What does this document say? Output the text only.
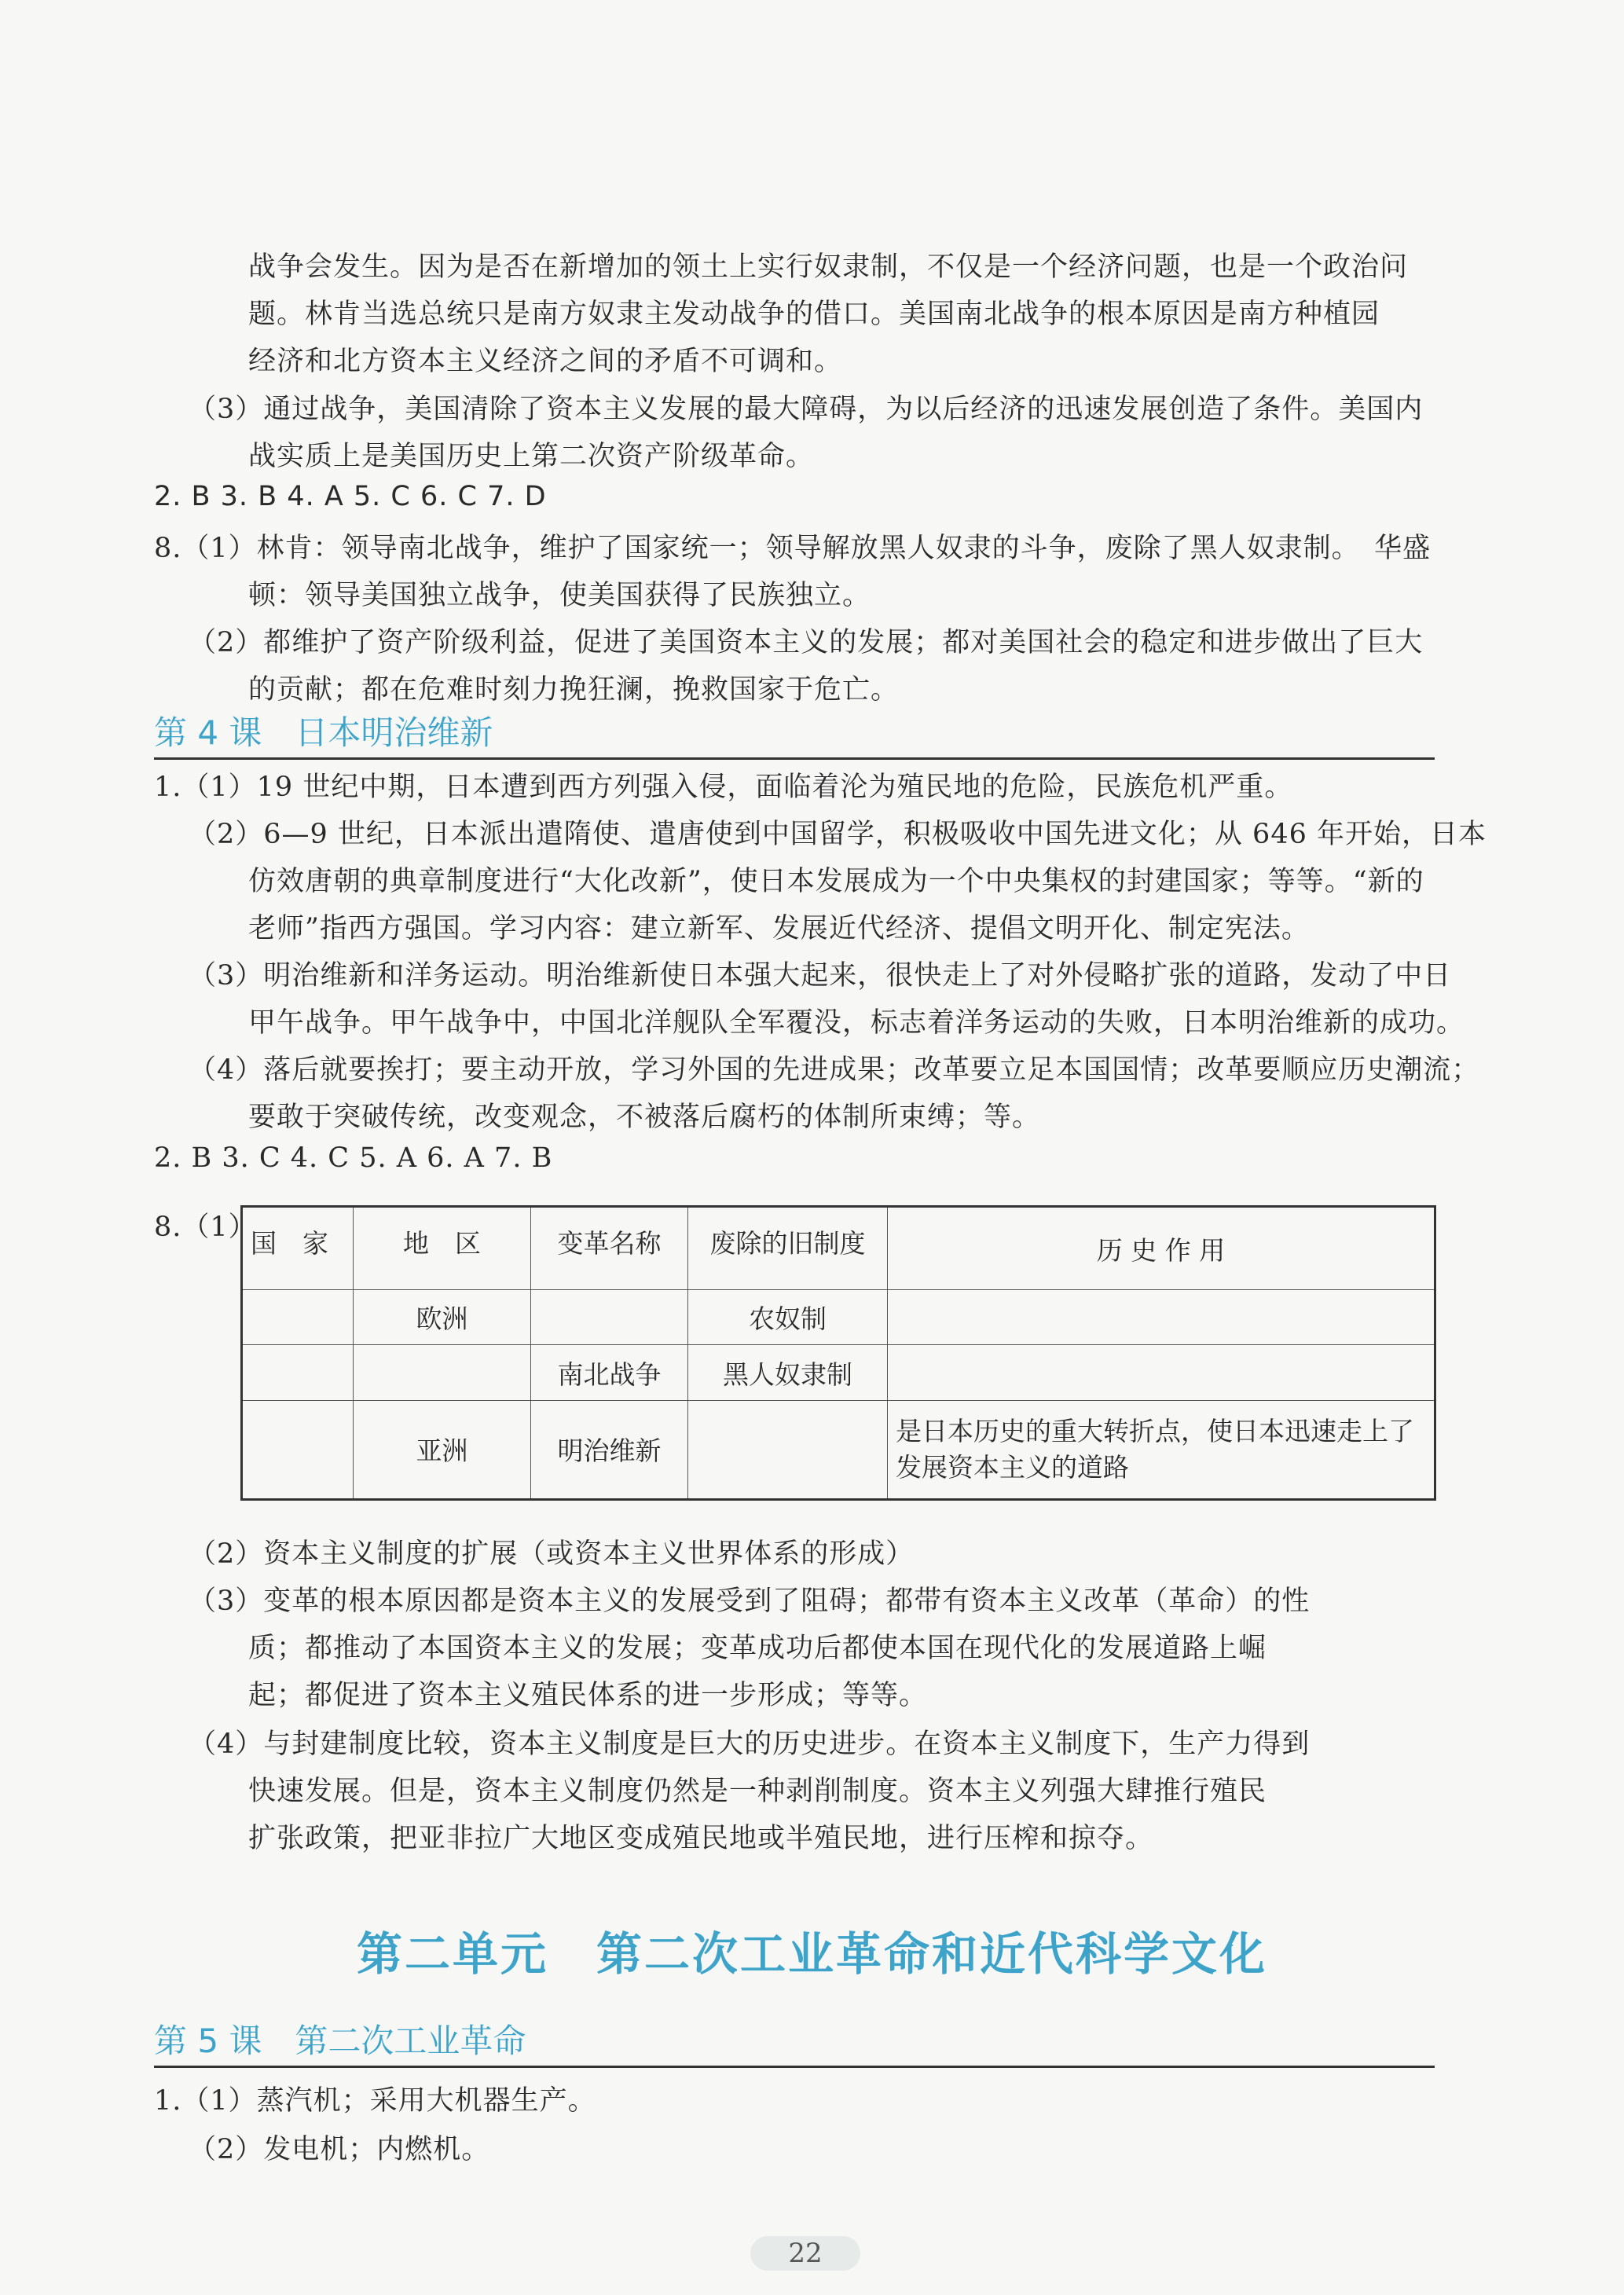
战争会发生。因为是否在新增加的领土上实行奴隶制，不仅是一个经济问题，也是一个政治问
题。林肯当选总统只是南方奴隶主发动战争的借口。美国南北战争的根本原因是南方种植园
经济和北方资本主义经济之间的矛盾不可调和。
（3）通过战争，美国清除了资本主义发展的最大障碍，为以后经济的迅速发展创造了条件。美国内
战实质上是美国历史上第二次资产阶级革命。
2. B 3. B 4. A 5. C 6. C 7. D
8.（1）林肯：领导南北战争，维护了国家统一；领导解放黑人奴隶的斗争，废除了黑人奴隶制。　华盛
顿：领导美国独立战争，使美国获得了民族独立。
（2）都维护了资产阶级利益，促进了美国资本主义的发展；都对美国社会的稳定和进步做出了巨大
的贡献；都在危难时刻力挽狂澜，挽救国家于危亡。
第 4 课　日本明治维新
1.（1）19 世纪中期，日本遭到西方列强入侵，面临着沦为殖民地的危险，民族危机严重。
（2）6—9 世纪，日本派出遣隋使、遣唐使到中国留学，积极吸收中国先进文化；从 646 年开始，日本
仿效唐朝的典章制度进行“大化改新”，使日本发展成为一个中央集权的封建国家；等等。“新的
老师”指西方强国。学习内容：建立新军、发展近代经济、提倡文明开化、制定宪法。
（3）明治维新和洋务运动。明治维新使日本强大起来，很快走上了对外侵略扩张的道路，发动了中日
甲午战争。甲午战争中，中国北洋舰队全军覆没，标志着洋务运动的失败，日本明治维新的成功。
（4）落后就要挨打；要主动开放，学习外国的先进成果；改革要立足本国国情；改革要顺应历史潮流；
要敢于突破传统，改变观念，不被落后腐朽的体制所束缚；等。
2. B 3. C 4. C 5. A 6. A 7. B
8.（1）
国　家	地　区	变革名称	废除的旧制度	历 史 作 用
	欧洲		农奴制	
		南北战争	黑人奴隶制	
	亚洲	明治维新		是日本历史的重大转折点，使日本迅速走上了发展资本主义的道路
（2）资本主义制度的扩展（或资本主义世界体系的形成）
（3）变革的根本原因都是资本主义的发展受到了阻碍；都带有资本主义改革（革命）的性
质；都推动了本国资本主义的发展；变革成功后都使本国在现代化的发展道路上崛
起；都促进了资本主义殖民体系的进一步形成；等等。
（4）与封建制度比较，资本主义制度是巨大的历史进步。在资本主义制度下，生产力得到
快速发展。但是，资本主义制度仍然是一种剥削制度。资本主义列强大肆推行殖民
扩张政策，把亚非拉广大地区变成殖民地或半殖民地，进行压榨和掠夺。
第二单元　第二次工业革命和近代科学文化
第 5 课　第二次工业革命
1.（1）蒸汽机；采用大机器生产。
（2）发电机；内燃机。
22
